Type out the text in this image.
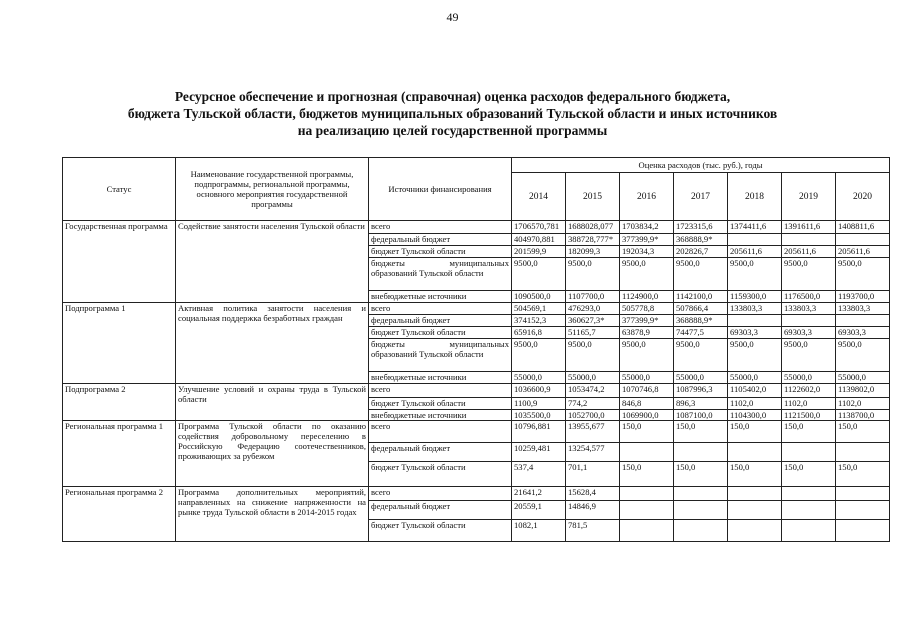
49
Ресурсное обеспечение и прогнозная (справочная) оценка расходов федерального бюджета,
бюджета Тульской области, бюджетов муниципальных образований Тульской области и иных источников
на реализацию целей государственной программы
Статус	Наименование государственной программы, подпрограммы, региональной программы, основного мероприятия государственной программы	Источники финансирования	Оценка расходов (тыс. руб.), годы						
			2014	2015	2016	2017	2018	2019	2020
Государственная программа	Содействие занятости населения Тульской области	всего	1706570,781	1688028,077	1703834,2	1723315,6	1374411,6	1391611,6	1408811,6
		федеральный бюджет	404970,881	388728,777*	377399,9*	368888,9*			
		бюджет Тульской области	201599,9	182099,3	192034,3	202826,7	205611,6	205611,6	205611,6
		бюджеты муниципальных образований Тульской области	9500,0	9500,0	9500,0	9500,0	9500,0	9500,0	9500,0
		внебюджетные источники	1090500,0	1107700,0	1124900,0	1142100,0	1159300,0	1176500,0	1193700,0
Подпрограмма 1	Активная политика занятости населения и социальная поддержка безработных граждан	всего	504569,1	476293,0	505778,8	507866,4	133803,3	133803,3	133803,3
		федеральный бюджет	374152,3	360627,3*	377399,9*	368888,9*			
		бюджет Тульской области	65916,8	51165,7	63878,9	74477,5	69303,3	69303,3	69303,3
		бюджеты муниципальных образований Тульской области	9500,0	9500,0	9500,0	9500,0	9500,0	9500,0	9500,0
		внебюджетные источники	55000,0	55000,0	55000,0	55000,0	55000,0	55000,0	55000,0
Подпрограмма 2	Улучшение условий и охраны труда в Тульской области	всего	1036600,9	1053474,2	1070746,8	1087996,3	1105402,0	1122602,0	1139802,0
		бюджет Тульской области	1100,9	774,2	846,8	896,3	1102,0	1102,0	1102,0
		внебюджетные источники	1035500,0	1052700,0	1069900,0	1087100,0	1104300,0	1121500,0	1138700,0
Региональная программа 1	Программа Тульской области по оказанию содействия добровольному переселению в Российскую Федерацию соотечественников, проживающих за рубежом	всего	10796,881	13955,677	150,0	150,0	150,0	150,0	150,0
		федеральный бюджет	10259,481	13254,577					
		бюджет Тульской области	537,4	701,1	150,0	150,0	150,0	150,0	150,0
Региональная программа 2	Программа дополнительных мероприятий, направленных на снижение напряженности на рынке труда Тульской области в 2014-2015 годах	всего	21641,2	15628,4					
		федеральный бюджет	20559,1	14846,9					
		бюджет Тульской области	1082,1	781,5					
